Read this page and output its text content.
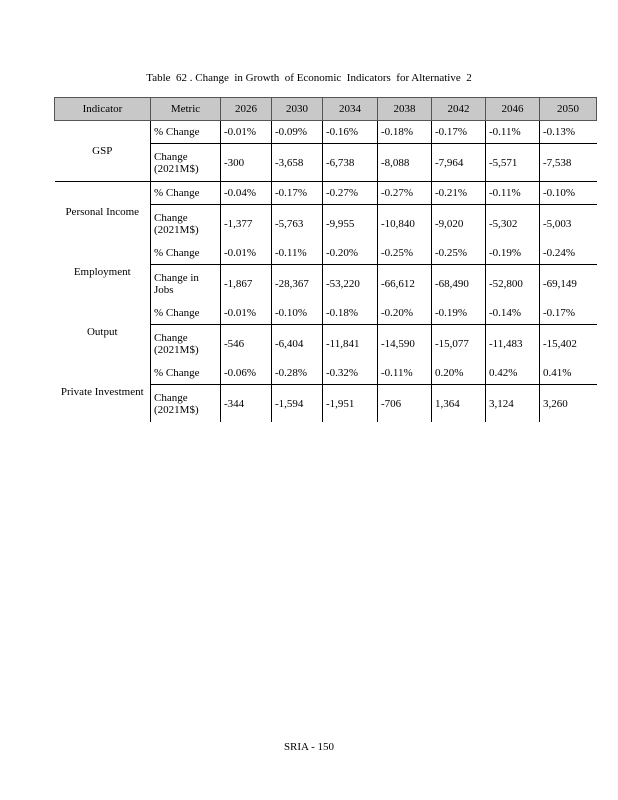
Table  62 . Change  in Growth  of Economic  Indicators  for Alternative  2
Indicator	Metric	2026	2030	2034	2038	2042	2046	2050
GSP	% Change	-0.01%	-0.09%	-0.16%	-0.18%	-0.17%	-0.11%	-0.13%
	Change (2021M$)	-300	-3,658	-6,738	-8,088	-7,964	-5,571	-7,538
Personal Income	% Change	-0.04%	-0.17%	-0.27%	-0.27%	-0.21%	-0.11%	-0.10%
	Change (2021M$)	-1,377	-5,763	-9,955	-10,840	-9,020	-5,302	-5,003
Employment	% Change	-0.01%	-0.11%	-0.20%	-0.25%	-0.25%	-0.19%	-0.24%
	Change in Jobs	-1,867	-28,367	-53,220	-66,612	-68,490	-52,800	-69,149
Output	% Change	-0.01%	-0.10%	-0.18%	-0.20%	-0.19%	-0.14%	-0.17%
	Change (2021M$)	-546	-6,404	-11,841	-14,590	-15,077	-11,483	-15,402
Private Investment	% Change	-0.06%	-0.28%	-0.32%	-0.11%	0.20%	0.42%	0.41%
	Change (2021M$)	-344	-1,594	-1,951	-706	1,364	3,124	3,260
SRIA - 150
